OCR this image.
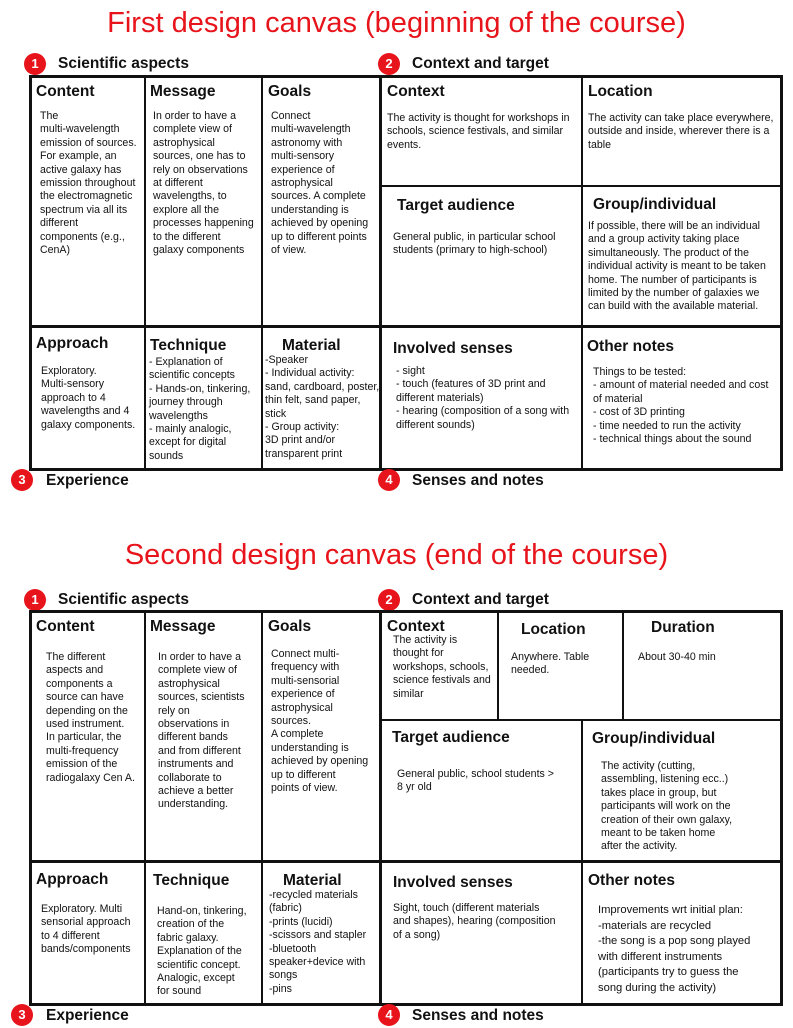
First design canvas (beginning of the course)
1	Scientific aspects	2	Context and target
Content
The
multi-wavelength
emission of sources.
For example, an
active galaxy has
emission throughout
the electromagnetic
spectrum via all its
different
components (e.g.,
CenA)
Message
In order to have a
complete view of
astrophysical
sources, one has to
rely on observations
at different
wavelengths, to
explore all the
processes happening
to the different
galaxy components
Goals
Connect
multi-wavelength
astronomy with
multi-sensory
experience of
astrophysical
sources. A complete
understanding is
achieved by opening
up to different points
of view.
Context
The activity is thought for workshops in
schools, science festivals, and similar
events.
Location
The activity can take place everywhere,
outside and inside, wherever there is a
table
Target audience
General public, in particular school
students (primary to high-school)
Group/individual
If possible, there will be an individual
and a group activity taking place
simultaneously. The product of the
individual activity is meant to be taken
home. The number of participants is
limited by the number of galaxies we
can build with the available material.
Approach
Exploratory.
Multi-sensory
approach to 4
wavelengths and 4
galaxy components.
Technique
- Explanation of
scientific concepts
- Hands-on, tinkering,
journey through
wavelengths
- mainly analogic,
except for digital
sounds
Material
-Speaker
- Individual activity:
sand, cardboard, poster,
thin felt, sand paper,
stick
- Group activity:
3D print and/or
transparent print
Involved senses
- sight
- touch (features of 3D print and
different materials)
- hearing (composition of a song with
different sounds)
Other notes
Things to be tested:
- amount of material needed and cost
of material
- cost of 3D printing
- time needed to run the activity
- technical things about the sound
3	Experience	4	Senses and notes
Second design canvas (end of the course)
1	Scientific aspects	2	Context and target
Content
The different
aspects and
components a
source can have
depending on the
used instrument.
In particular, the
multi-frequency
emission of the
radiogalaxy Cen A.
Message
In order to have a
complete view of
astrophysical
sources, scientists
rely on
observations in
different bands
and from different
instruments and
collaborate to
achieve a better
understanding.
Goals
Connect multi-
frequency with
multi-sensorial
experience of
astrophysical
sources.
A complete
understanding is
achieved by opening
up to different
points of view.
Context
The activity is
thought for
workshops, schools,
science festivals and
similar
Location
Anywhere. Table
needed.
Duration
About 30-40 min
Target audience
General public, school students >
8 yr old
Group/individual
The activity (cutting,
assembling, listening ecc..)
takes place in group, but
participants will work on the
creation of their own galaxy,
meant to be taken home
after the activity.
Approach
Exploratory. Multi
sensorial approach
to 4 different
bands/components
Technique
Hand-on, tinkering,
creation of the
fabric galaxy.
Explanation of the
scientific concept.
Analogic, except
for sound
Material
-recycled materials
(fabric)
-prints (lucidi)
-scissors and stapler
-bluetooth
speaker+device with
songs
-pins
Involved senses
Sight, touch (different materials
and shapes), hearing (composition
of a song)
Other notes
Improvements wrt initial plan:
-materials are recycled
-the song is a pop song played
with different instruments
(participants try to guess the
song during the activity)
3	Experience	4	Senses and notes
